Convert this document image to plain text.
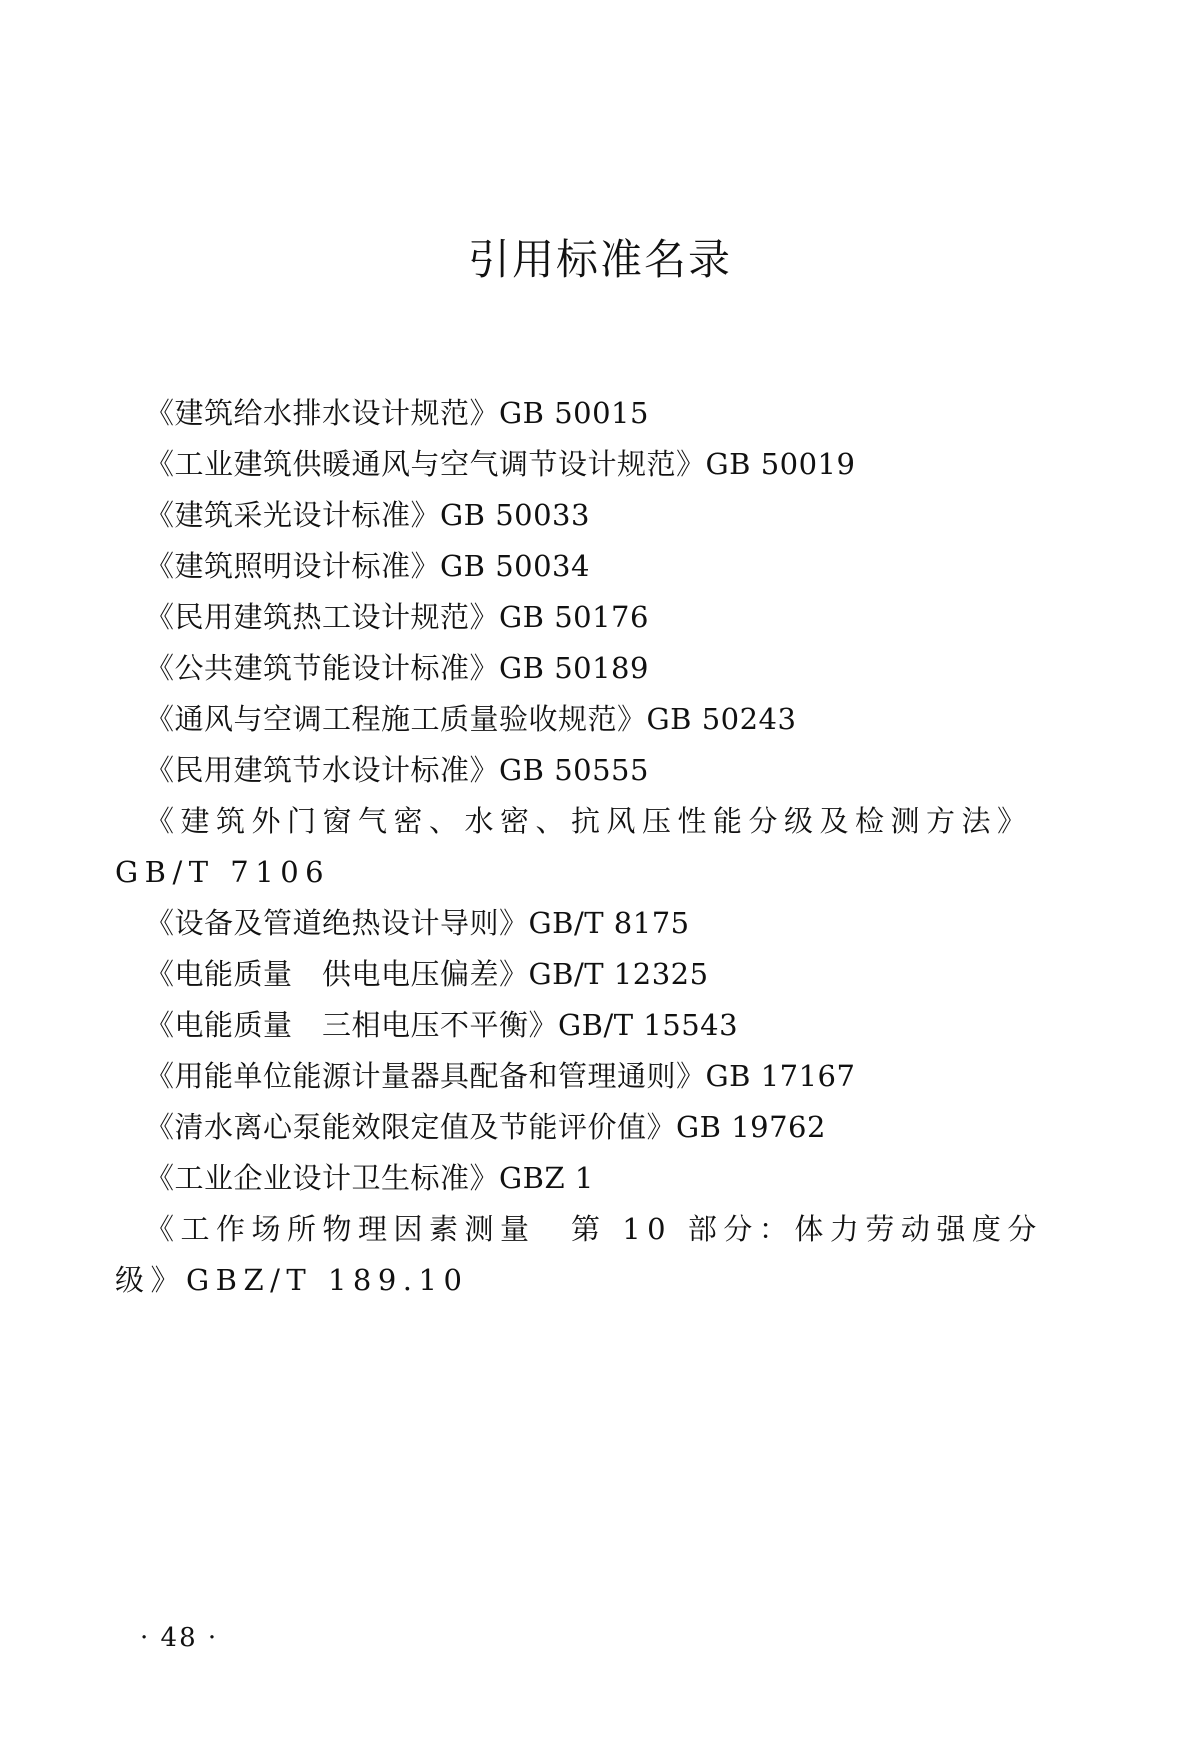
引用标准名录
《建筑给水排水设计规范》GB 50015
《工业建筑供暖通风与空气调节设计规范》GB 50019
《建筑采光设计标准》GB 50033
《建筑照明设计标准》GB 50034
《民用建筑热工设计规范》GB 50176
《公共建筑节能设计标准》GB 50189
《通风与空调工程施工质量验收规范》GB 50243
《民用建筑节水设计标准》GB 50555
《建筑外门窗气密、水密、抗风压性能分级及检测方法》GB/T 7106
《设备及管道绝热设计导则》GB/T 8175
《电能质量　供电电压偏差》GB/T 12325
《电能质量　三相电压不平衡》GB/T 15543
《用能单位能源计量器具配备和管理通则》GB 17167
《清水离心泵能效限定值及节能评价值》GB 19762
《工业企业设计卫生标准》GBZ 1
《工作场所物理因素测量　第 10 部分：体力劳动强度分级》GBZ/T 189.10
· 48 ·
